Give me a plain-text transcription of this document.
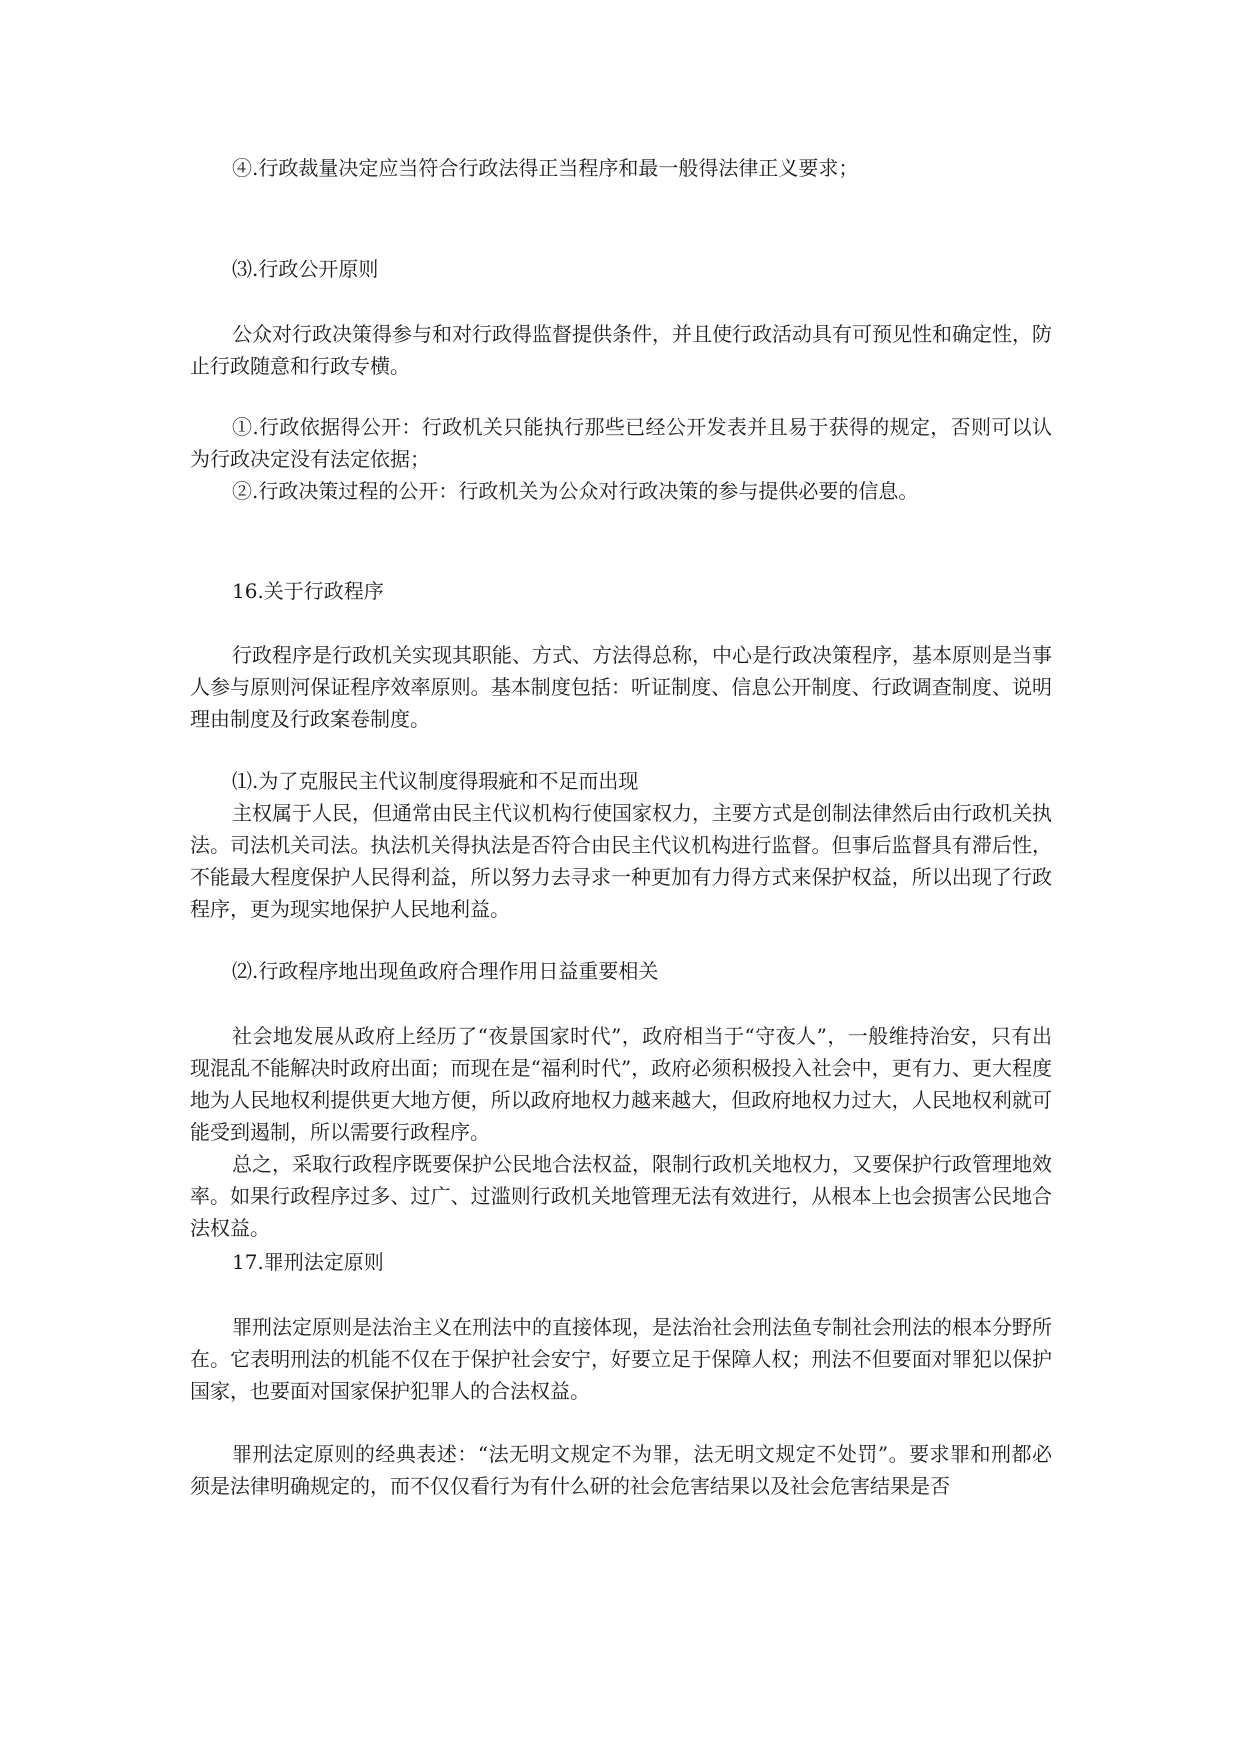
④.行政裁量决定应当符合行政法得正当程序和最一般得法律正义要求；

⑶.行政公开原则

公众对行政决策得参与和对行政得监督提供条件，并且使行政活动具有可预见性和确定性，防止行政随意和行政专横。

①.行政依据得公开：行政机关只能执行那些已经公开发表并且易于获得的规定，否则可以认为行政决定没有法定依据；

②.行政决策过程的公开：行政机关为公众对行政决策的参与提供必要的信息。

16.关于行政程序

行政程序是行政机关实现其职能、方式、方法得总称，中心是行政决策程序，基本原则是当事人参与原则河保证程序效率原则。基本制度包括：听证制度、信息公开制度、行政调查制度、说明理由制度及行政案卷制度。

⑴.为了克服民主代议制度得瑕疵和不足而出现

主权属于人民，但通常由民主代议机构行使国家权力，主要方式是创制法律然后由行政机关执法。司法机关司法。执法机关得执法是否符合由民主代议机构进行监督。但事后监督具有滞后性，不能最大程度保护人民得利益，所以努力去寻求一种更加有力得方式来保护权益，所以出现了行政程序，更为现实地保护人民地利益。

⑵.行政程序地出现鱼政府合理作用日益重要相关

社会地发展从政府上经历了“夜景国家时代”，政府相当于“守夜人”，一般维持治安，只有出现混乱不能解决时政府出面；而现在是“福利时代”，政府必须积极投入社会中，更有力、更大程度地为人民地权利提供更大地方便，所以政府地权力越来越大，但政府地权力过大，人民地权利就可能受到遏制，所以需要行政程序。

总之，采取行政程序既要保护公民地合法权益，限制行政机关地权力，又要保护行政管理地效率。如果行政程序过多、过广、过滥则行政机关地管理无法有效进行，从根本上也会损害公民地合法权益。

17.罪刑法定原则

罪刑法定原则是法治主义在刑法中的直接体现，是法治社会刑法鱼专制社会刑法的根本分野所在。它表明刑法的机能不仅在于保护社会安宁，好要立足于保障人权；刑法不但要面对罪犯以保护国家，也要面对国家保护犯罪人的合法权益。

罪刑法定原则的经典表述：“法无明文规定不为罪，法无明文规定不处罚”。要求罪和刑都必须是法律明确规定的，而不仅仅看行为有什么研的社会危害结果以及社会危害结果是否
